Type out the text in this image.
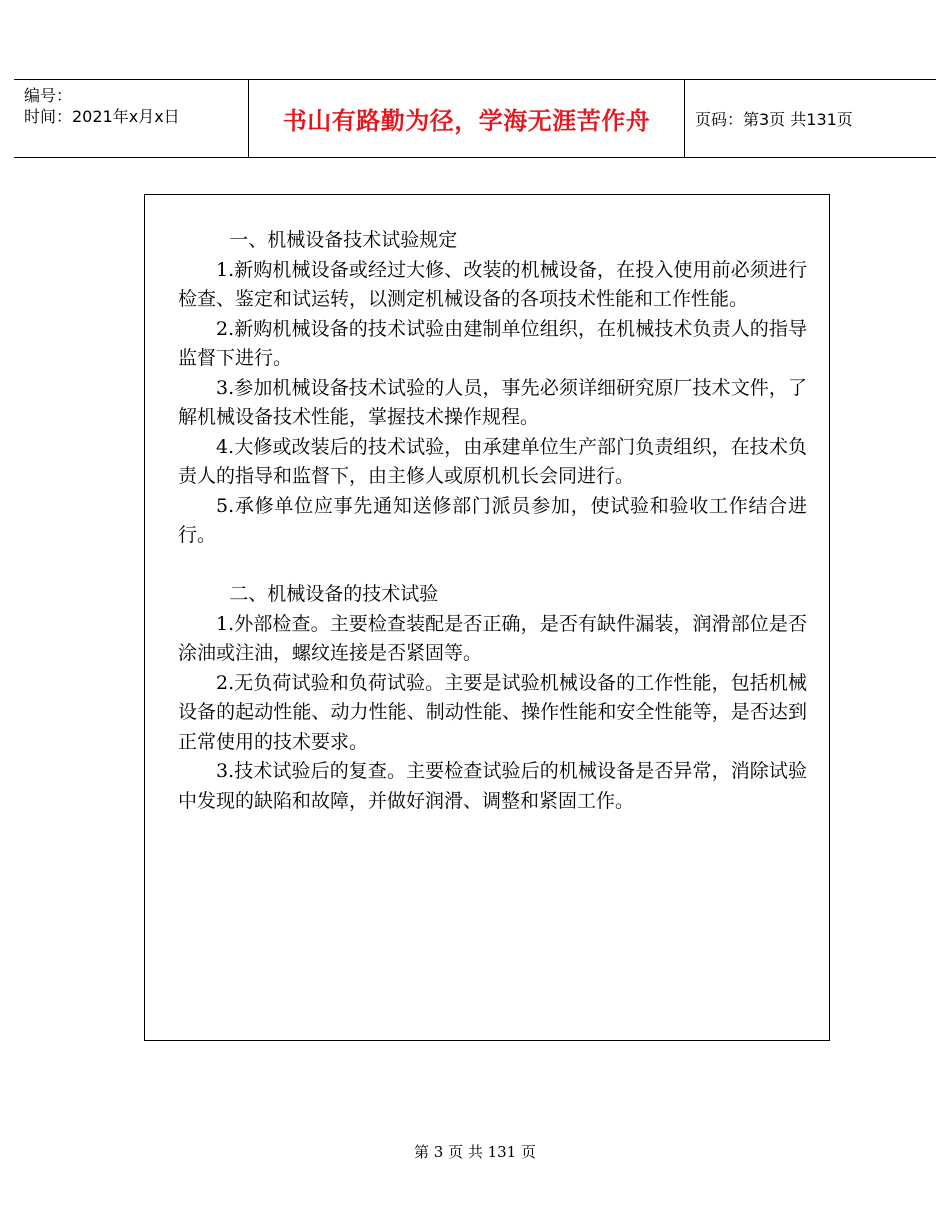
编号：
时间：2021年x月x日	书山有路勤为径，学海无涯苦作舟	页码：第3页 共131页

一、机械设备技术试验规定

1.新购机械设备或经过大修、改装的机械设备，在投入使用前必须进行检查、鉴定和试运转，以测定机械设备的各项技术性能和工作性能。

2.新购机械设备的技术试验由建制单位组织，在机械技术负责人的指导监督下进行。

3.参加机械设备技术试验的人员，事先必须详细研究原厂技术文件，了解机械设备技术性能，掌握技术操作规程。

4.大修或改装后的技术试验，由承建单位生产部门负责组织，在技术负责人的指导和监督下，由主修人或原机机长会同进行。

5.承修单位应事先通知送修部门派员参加，使试验和验收工作结合进行。

二、机械设备的技术试验

1.外部检查。主要检查装配是否正确，是否有缺件漏装，润滑部位是否涂油或注油，螺纹连接是否紧固等。

2.无负荷试验和负荷试验。主要是试验机械设备的工作性能，包括机械设备的起动性能、动力性能、制动性能、操作性能和安全性能等，是否达到正常使用的技术要求。

3.技术试验后的复查。主要检查试验后的机械设备是否异常，消除试验中发现的缺陷和故障，并做好润滑、调整和紧固工作。

第 3 页 共 131 页
